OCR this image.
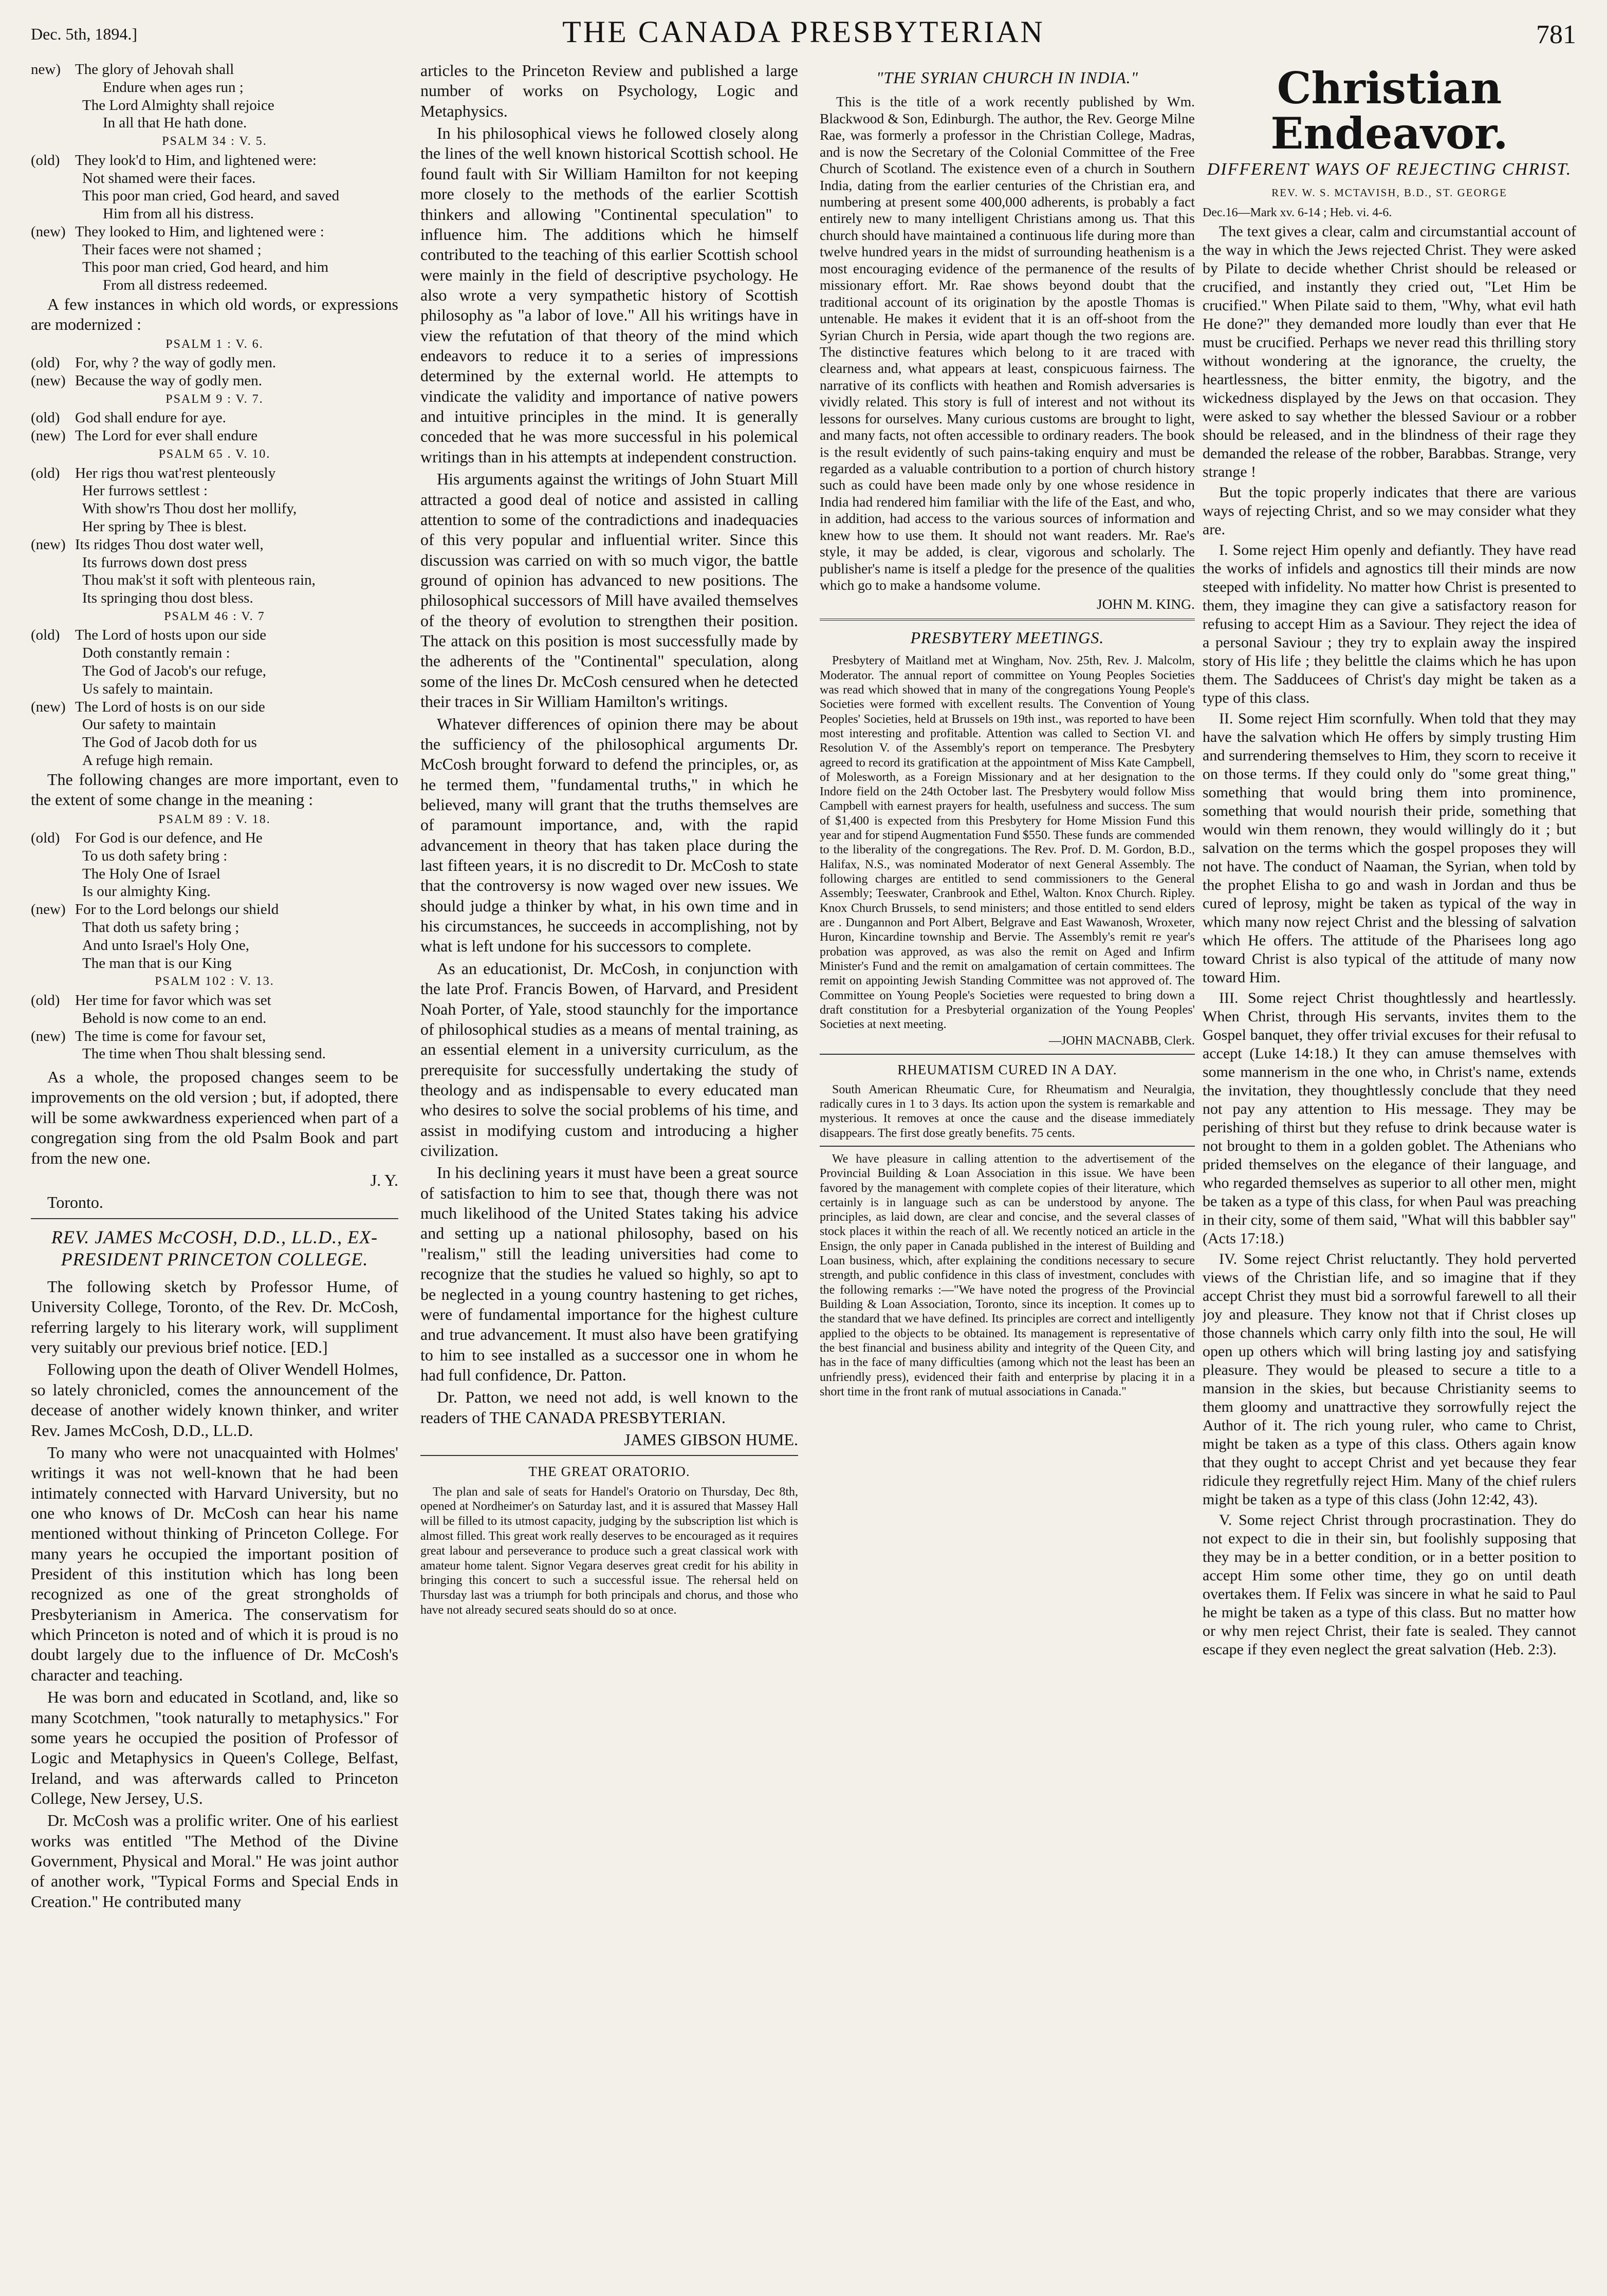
Dec. 5th, 1894.]	THE CANADA PRESBYTERIAN	781
new) The glory of Jehovah shall
Endure when ages run ;
The Lord Almighty shall rejoice
In all that He hath done.
PSALM 34 : V. 5.
(old) They look'd to Him, and lightened were:
Not shamed were their faces.
This poor man cried, God heard, and saved
Him from all his distress.
(new) They looked to Him, and lightened were :
Their faces were not shamed ;
This poor man cried, God heard, and him
From all distress redeemed.

A few instances in which old words, or expressions are modernized :

PSALM 1 : V. 6.
(old) For, why ? the way of godly men.
(new) Because the way of godly men.
PSALM 9 : V. 7.
(old) God shall endure for aye.
(new) The Lord for ever shall endure
PSALM 65 . V. 10.
(old) Her rigs thou wat'rest plenteously
Her furrows settlest :
With show'rs Thou dost her mollify,
Her spring by Thee is blest.
(new) Its ridges Thou dost water well,
Its furrows down dost press
Thou mak'st it soft with plenteous rain,
Its springing thou dost bless.
PSALM 46 : V. 7
(old) The Lord of hosts upon our side
Doth constantly remain :
The God of Jacob's our refuge,
Us safely to maintain.
(new) The Lord of hosts is on our side
Our safety to maintain
The God of Jacob doth for us
A refuge high remain.

The following changes are more important, even to the extent of some change in the meaning :

PSALM 89 : V. 18.
(old) For God is our defence, and He
To us doth safety bring :
The Holy One of Israel
Is our almighty King.
(new) For to the Lord belongs our shield
That doth us safety bring ;
And unto Israel's Holy One,
The man that is our King
PSALM 102 : V. 13.
(old) Her time for favor which was set
Behold is now come to an end.
(new) The time is come for favour set,
The time when Thou shalt blessing send.

As a whole, the proposed changes seem to be improvements on the old version ; but, if adopted, there will be some awkwardness experienced when part of a congregation sing from the old Psalm Book and part from the new one.

J. Y.

Toronto.

REV. JAMES McCOSH, D.D., LL.D., EX-PRESIDENT PRINCETON COLLEGE.

The following sketch by Professor Hume, of University College, Toronto, of the Rev. Dr. McCosh, referring largely to his literary work, will suppliment very suitably our previous brief notice. [ED.]

Following upon the death of Oliver Wendell Holmes, so lately chronicled, comes the announcement of the decease of another widely known thinker, and writer Rev. James McCosh, D.D., LL.D.

To many who were not unacquainted with Holmes' writings it was not well-known that he had been intimately connected with Harvard University, but no one who knows of Dr. McCosh can hear his name mentioned without thinking of Princeton College. For many years he occupied the important position of President of this institution which has long been recognized as one of the great strongholds of Presbyterianism in America. The conservatism for which Princeton is noted and of which it is proud is no doubt largely due to the influence of Dr. McCosh's character and teaching.

He was born and educated in Scotland, and, like so many Scotchmen, "took naturally to metaphysics." For some years he occupied the position of Professor of Logic and Metaphysics in Queen's College, Belfast, Ireland, and was afterwards called to Princeton College, New Jersey, U.S.

Dr. McCosh was a prolific writer. One of his earliest works was entitled "The Method of the Divine Government, Physical and Moral." He was joint author of another work, "Typical Forms and Special Ends in Creation." He contributed many

articles to the Princeton Review and published a large number of works on Psychology, Logic and Metaphysics.

In his philosophical views he followed closely along the lines of the well known historical Scottish school. He found fault with Sir William Hamilton for not keeping more closely to the methods of the earlier Scottish thinkers and allowing "Continental speculation" to influence him. The additions which he himself contributed to the teaching of this earlier Scottish school were mainly in the field of descriptive psychology. He also wrote a very sympathetic history of Scottish philosophy as "a labor of love." All his writings have in view the refutation of that theory of the mind which endeavors to reduce it to a series of impressions determined by the external world. He attempts to vindicate the validity and importance of native powers and intuitive principles in the mind. It is generally conceded that he was more successful in his polemical writings than in his attempts at independent construction.

His arguments against the writings of John Stuart Mill attracted a good deal of notice and assisted in calling attention to some of the contradictions and inadequacies of this very popular and influential writer. Since this discussion was carried on with so much vigor, the battle ground of opinion has advanced to new positions. The philosophical successors of Mill have availed themselves of the theory of evolution to strengthen their position. The attack on this position is most successfully made by the adherents of the "Continental" speculation, along some of the lines Dr. McCosh censured when he detected their traces in Sir William Hamilton's writings.

Whatever differences of opinion there may be about the sufficiency of the philosophical arguments Dr. McCosh brought forward to defend the principles, or, as he termed them, "fundamental truths," in which he believed, many will grant that the truths themselves are of paramount importance, and, with the rapid advancement in theory that has taken place during the last fifteen years, it is no discredit to Dr. McCosh to state that the controversy is now waged over new issues. We should judge a thinker by what, in his own time and in his circumstances, he succeeds in accomplishing, not by what is left undone for his successors to complete.

As an educationist, Dr. McCosh, in conjunction with the late Prof. Francis Bowen, of Harvard, and President Noah Porter, of Yale, stood staunchly for the importance of philosophical studies as a means of mental training, as an essential element in a university curriculum, as the prerequisite for successfully undertaking the study of theology and as indispensable to every educated man who desires to solve the social problems of his time, and assist in modifying custom and introducing a higher civilization.

In his declining years it must have been a great source of satisfaction to him to see that, though there was not much likelihood of the United States taking his advice and setting up a national philosophy, based on his "realism," still the leading universities had come to recognize that the studies he valued so highly, so apt to be neglected in a young country hastening to get riches, were of fundamental importance for the highest culture and true advancement. It must also have been gratifying to him to see installed as a successor one in whom he had full confidence, Dr. Patton.

Dr. Patton, we need not add, is well known to the readers of THE CANADA PRESBYTERIAN.

JAMES GIBSON HUME.

THE GREAT ORATORIO.

The plan and sale of seats for Handel's Oratorio on Thursday, Dec 8th, opened at Nordheimer's on Saturday last, and it is assured that Massey Hall will be filled to its utmost capacity, judging by the subscription list which is almost filled. This great work really deserves to be encouraged as it requires great labour and perseverance to produce such a great classical work with amateur home talent. Signor Vegara deserves great credit for his ability in bringing this concert to such a successful issue. The rehersal held on Thursday last was a triumph for both principals and chorus, and those who have not already secured seats should do so at once.

"THE SYRIAN CHURCH IN INDIA."

This is the title of a work recently published by Wm. Blackwood & Son, Edinburgh. The author, the Rev. George Milne Rae, was formerly a professor in the Christian College, Madras, and is now the Secretary of the Colonial Committee of the Free Church of Scotland. The existence even of a church in Southern India, dating from the earlier centuries of the Christian era, and numbering at present some 400,000 adherents, is probably a fact entirely new to many intelligent Christians among us. That this church should have maintained a continuous life during more than twelve hundred years in the midst of surrounding heathenism is a most encouraging evidence of the permanence of the results of missionary effort. Mr. Rae shows beyond doubt that the traditional account of its origination by the apostle Thomas is untenable. He makes it evident that it is an off-shoot from the Syrian Church in Persia, wide apart though the two regions are. The distinctive features which belong to it are traced with clearness and, what appears at least, conspicuous fairness. The narrative of its conflicts with heathen and Romish adversaries is vividly related. This story is full of interest and not without its lessons for ourselves. Many curious customs are brought to light, and many facts, not often accessible to ordinary readers. The book is the result evidently of such pains-taking enquiry and must be regarded as a valuable contribution to a portion of church history such as could have been made only by one whose residence in India had rendered him familiar with the life of the East, and who, in addition, had access to the various sources of information and knew how to use them. It should not want readers. Mr. Rae's style, it may be added, is clear, vigorous and scholarly. The publisher's name is itself a pledge for the presence of the qualities which go to make a handsome volume.

JOHN M. KING.

PRESBYTERY MEETINGS.

Presbytery of Maitland met at Wingham, Nov. 25th, Rev. J. Malcolm, Moderator. The annual report of committee on Young Peoples Societies was read which showed that in many of the congregations Young People's Societies were formed with excellent results. The Convention of Young Peoples' Societies, held at Brussels on 19th inst., was reported to have been most interesting and profitable. Attention was called to Section VI. and Resolution V. of the Assembly's report on temperance. The Presbytery agreed to record its gratification at the appointment of Miss Kate Campbell, of Molesworth, as a Foreign Missionary and at her designation to the Indore field on the 24th October last. The Presbytery would follow Miss Campbell with earnest prayers for health, usefulness and success. The sum of $1,400 is expected from this Presbytery for Home Mission Fund this year and for stipend Augmentation Fund $550. These funds are commended to the liberality of the congregations. The Rev. Prof. D. M. Gordon, B.D., Halifax, N.S., was nominated Moderator of next General Assembly. The following charges are entitled to send commissioners to the General Assembly; Teeswater, Cranbrook and Ethel, Walton. Knox Church. Ripley. Knox Church Brussels, to send ministers; and those entitled to send elders are . Dungannon and Port Albert, Belgrave and East Wawanosh, Wroxeter, Huron, Kincardine township and Bervie. The Assembly's remit re year's probation was approved, as was also the remit on Aged and Infirm Minister's Fund and the remit on amalgamation of certain committees. The remit on appointing Jewish Standing Committee was not approved of. The Committee on Young People's Societies were requested to bring down a draft constitution for a Presbyterial organization of the Young Peoples' Societies at next meeting.

—JOHN MACNABB, Clerk.

RHEUMATISM CURED IN A DAY.

South American Rheumatic Cure, for Rheumatism and Neuralgia, radically cures in 1 to 3 days. Its action upon the system is remarkable and mysterious. It removes at once the cause and the disease immediately disappears. The first dose greatly benefits. 75 cents.

We have pleasure in calling attention to the advertisement of the Provincial Building & Loan Association in this issue. We have been favored by the management with complete copies of their literature, which certainly is in language such as can be understood by anyone. The principles, as laid down, are clear and concise, and the several classes of stock places it within the reach of all. We recently noticed an article in the Ensign, the only paper in Canada published in the interest of Building and Loan business, which, after explaining the conditions necessary to secure strength, and public confidence in this class of investment, concludes with the following remarks :—"We have noted the progress of the Provincial Building & Loan Association, Toronto, since its inception. It comes up to the standard that we have defined. Its principles are correct and intelligently applied to the objects to be obtained. Its management is representative of the best financial and business ability and integrity of the Queen City, and has in the face of many difficulties (among which not the least has been an unfriendly press), evidenced their faith and enterprise by placing it in a short time in the front rank of mutual associations in Canada."

Christian Endeavor.
DIFFERENT WAYS OF REJECTING CHRIST.
REV. W. S. MCTAVISH, B.D., ST. GEORGE

Dec.16—Mark xv. 6-14 ; Heb. vi. 4-6.

The text gives a clear, calm and circumstantial account of the way in which the Jews rejected Christ. They were asked by Pilate to decide whether Christ should be released or crucified, and instantly they cried out, "Let Him be crucified." When Pilate said to them, "Why, what evil hath He done?" they demanded more loudly than ever that He must be crucified. Perhaps we never read this thrilling story without wondering at the ignorance, the cruelty, the heartlessness, the bitter enmity, the bigotry, and the wickedness displayed by the Jews on that occasion. They were asked to say whether the blessed Saviour or a robber should be released, and in the blindness of their rage they demanded the release of the robber, Barabbas. Strange, very strange !

But the topic properly indicates that there are various ways of rejecting Christ, and so we may consider what they are.

I. Some reject Him openly and defiantly. They have read the works of infidels and agnostics till their minds are now steeped with infidelity. No matter how Christ is presented to them, they imagine they can give a satisfactory reason for refusing to accept Him as a Saviour. They reject the idea of a personal Saviour ; they try to explain away the inspired story of His life ; they belittle the claims which he has upon them. The Sadducees of Christ's day might be taken as a type of this class.

II. Some reject Him scornfully. When told that they may have the salvation which He offers by simply trusting Him and surrendering themselves to Him, they scorn to receive it on those terms. If they could only do "some great thing," something that would bring them into prominence, something that would nourish their pride, something that would win them renown, they would willingly do it ; but salvation on the terms which the gospel proposes they will not have. The conduct of Naaman, the Syrian, when told by the prophet Elisha to go and wash in Jordan and thus be cured of leprosy, might be taken as typical of the way in which many now reject Christ and the blessing of salvation which He offers. The attitude of the Pharisees long ago toward Christ is also typical of the attitude of many now toward Him.

III. Some reject Christ thoughtlessly and heartlessly. When Christ, through His servants, invites them to the Gospel banquet, they offer trivial excuses for their refusal to accept (Luke 14:18.) It they can amuse themselves with some mannerism in the one who, in Christ's name, extends the invitation, they thoughtlessly conclude that they need not pay any attention to His message. They may be perishing of thirst but they refuse to drink because water is not brought to them in a golden goblet. The Athenians who prided themselves on the elegance of their language, and who regarded themselves as superior to all other men, might be taken as a type of this class, for when Paul was preaching in their city, some of them said, "What will this babbler say" (Acts 17:18.)

IV. Some reject Christ reluctantly. They hold perverted views of the Christian life, and so imagine that if they accept Christ they must bid a sorrowful farewell to all their joy and pleasure. They know not that if Christ closes up those channels which carry only filth into the soul, He will open up others which will bring lasting joy and satisfying pleasure. They would be pleased to secure a title to a mansion in the skies, but because Christianity seems to them gloomy and unattractive they sorrowfully reject the Author of it. The rich young ruler, who came to Christ, might be taken as a type of this class. Others again know that they ought to accept Christ and yet because they fear ridicule they regretfully reject Him. Many of the chief rulers might be taken as a type of this class (John 12:42, 43).

V. Some reject Christ through procrastination. They do not expect to die in their sin, but foolishly supposing that they may be in a better condition, or in a better position to accept Him some other time, they go on until death overtakes them. If Felix was sincere in what he said to Paul he might be taken as a type of this class. But no matter how or why men reject Christ, their fate is sealed. They cannot escape if they even neglect the great salvation (Heb. 2:3).
